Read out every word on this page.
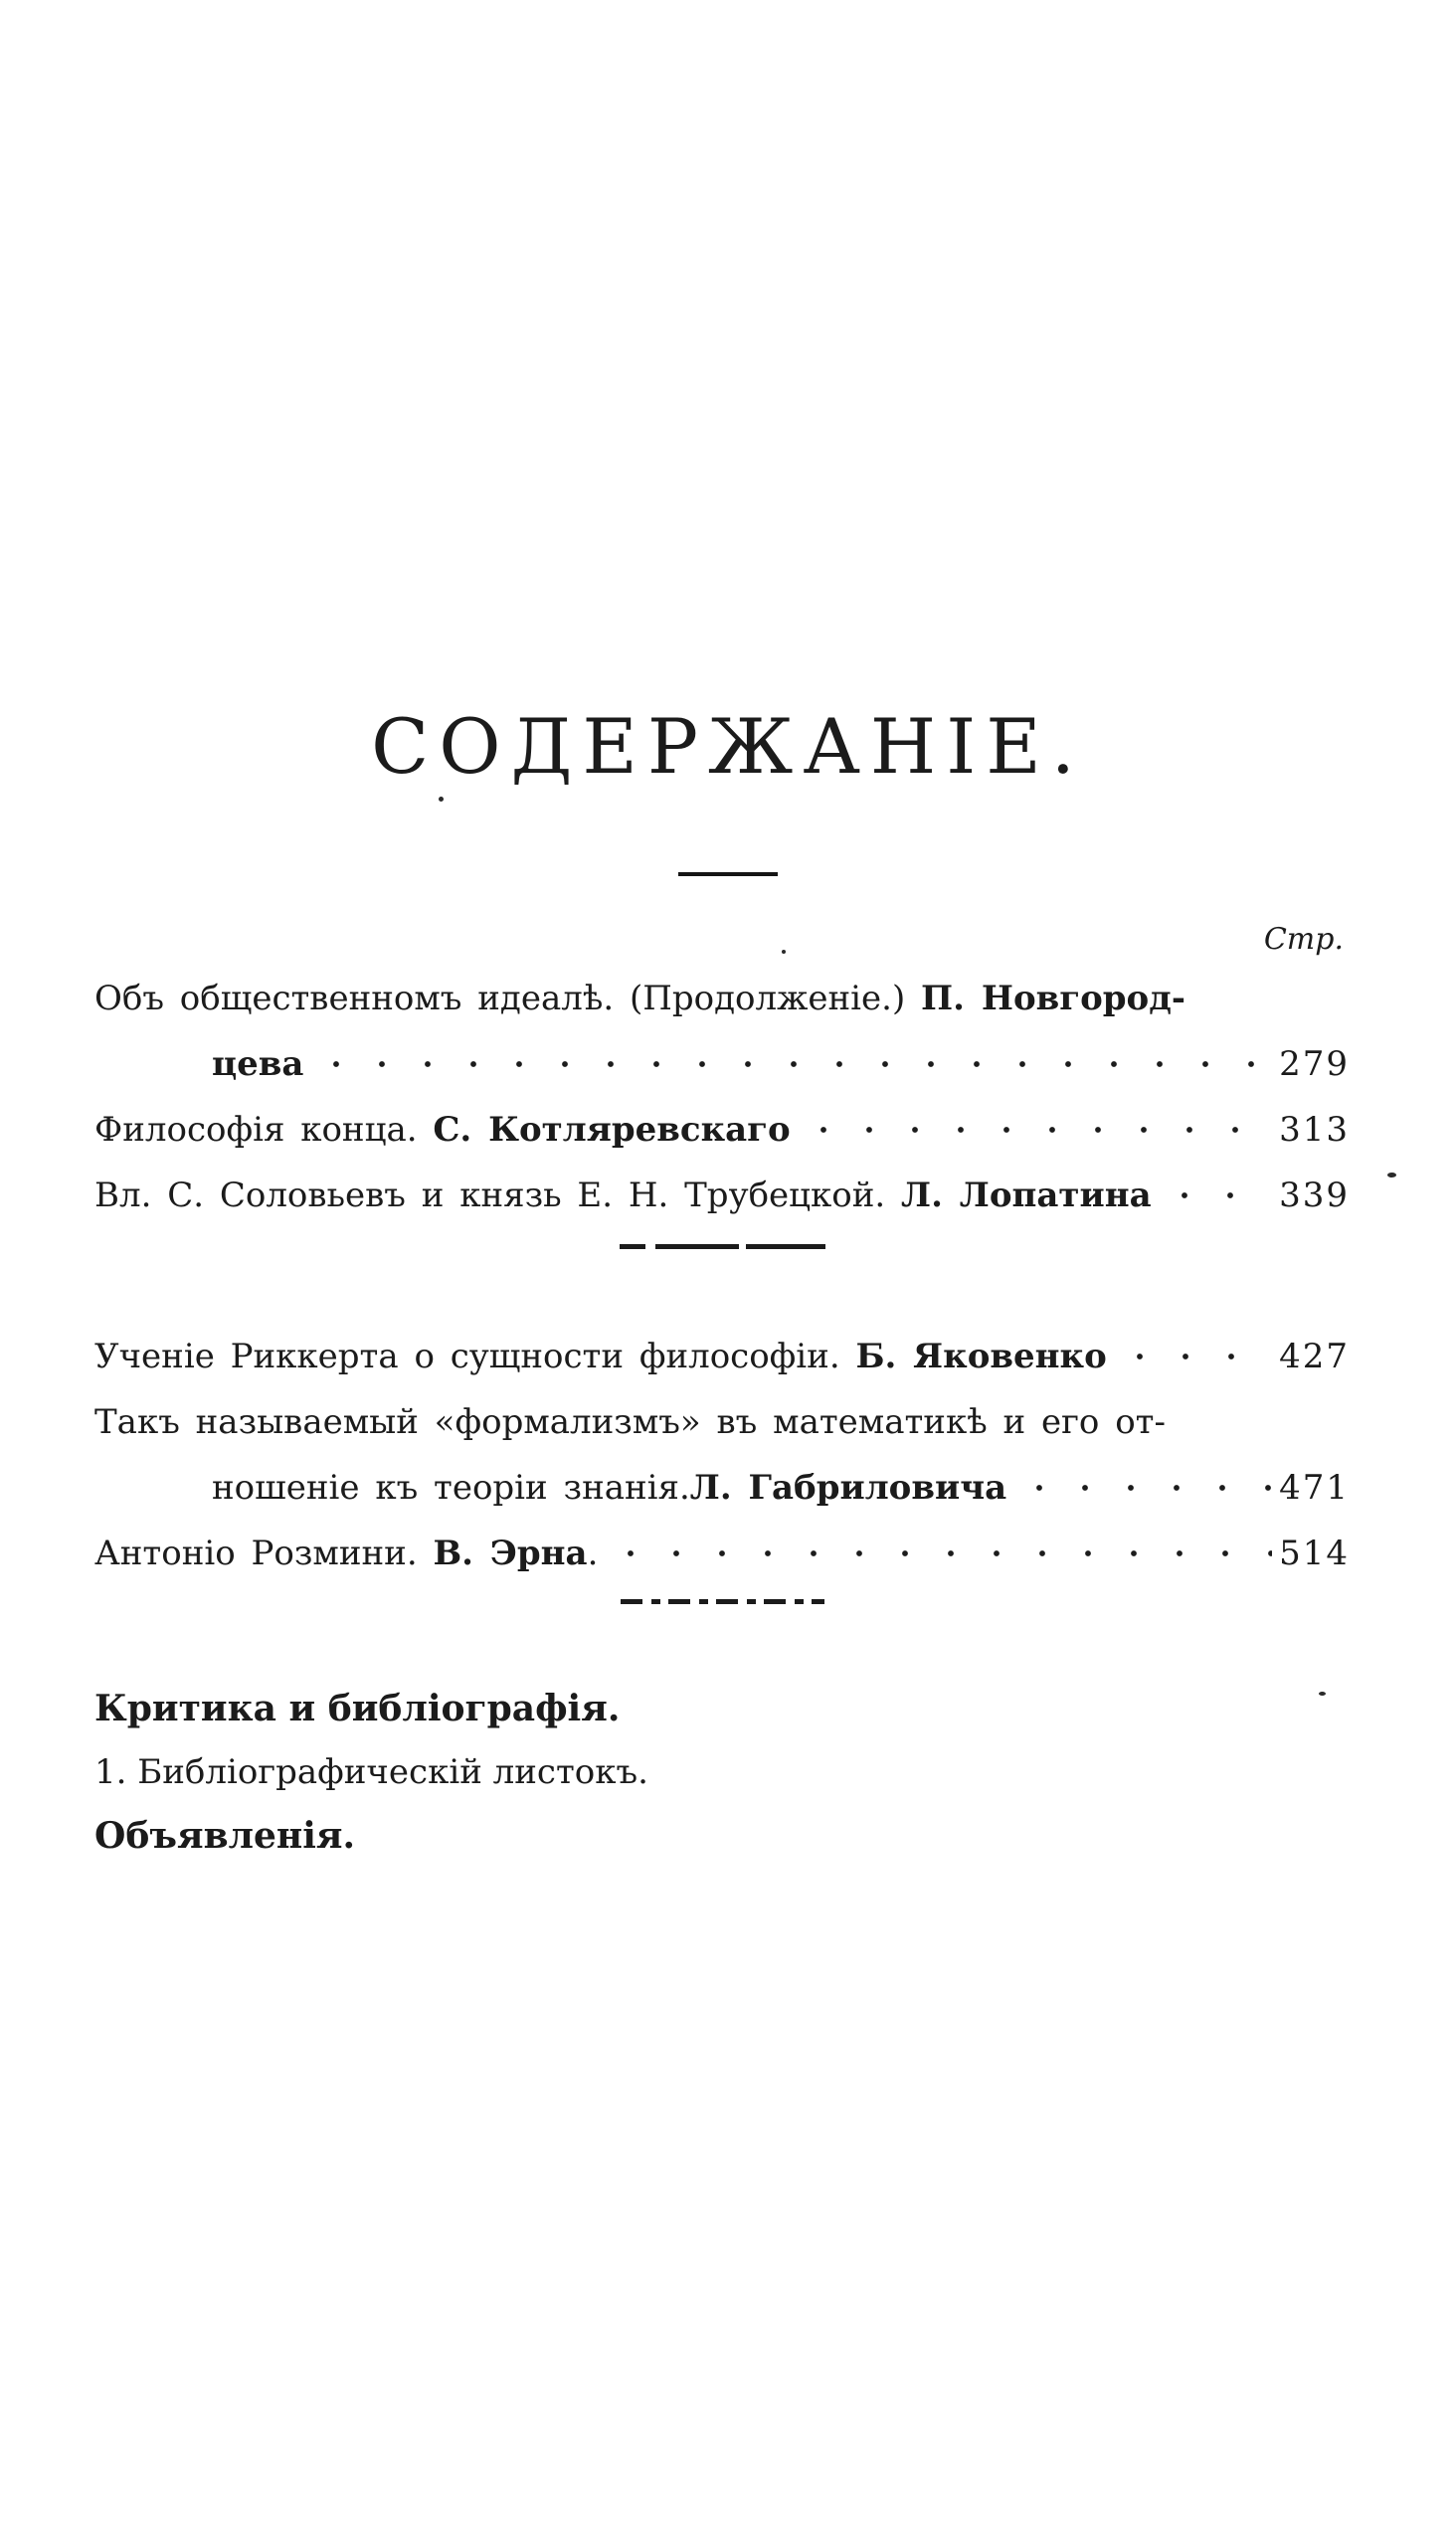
СОДЕРЖАНІЕ.
Стр.
Объ общественномъ идеалѣ. (Продолженіе.) П. Новгород-
цева	279
Философія конца. С. Котляревскаго	313
Вл. С. Соловьевъ и князь Е. Н. Трубецкой. Л. Лопатина	339
Ученіе Риккерта о сущности философіи. Б. Яковенко	427
Такъ называемый «формализмъ» въ математикѣ и его от-
ношеніе къ теоріи знанія. Л. Габриловича	471
Антоніо Розмини. В. Эрна.	514
Критика и библіографія.
1. Библіографическій листокъ.
Объявленія.
